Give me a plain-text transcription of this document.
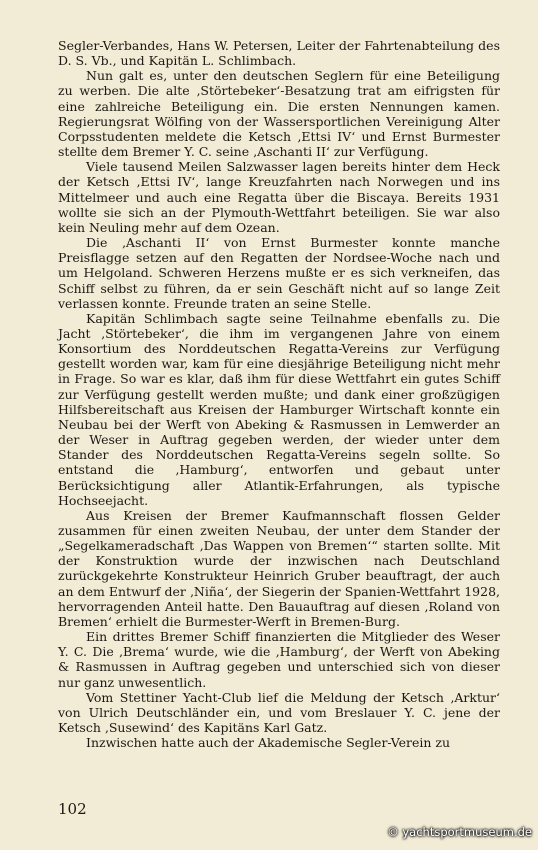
Segler-Verbandes, Hans W. Petersen, Leiter der Fahrtenabteilung des D. S. Vb., und Kapitän L. Schlimbach.

Nun galt es, unter den deutschen Seglern für eine Beteiligung zu werben. Die alte ‚Störtebeker‘-Besatzung trat am eifrigsten für eine zahlreiche Beteiligung ein. Die ersten Nennungen kamen. Regierungsrat Wölfing von der Wassersportlichen Vereinigung Alter Corpsstudenten meldete die Ketsch ‚Ettsi IV‘ und Ernst Burmester stellte dem Bremer Y. C. seine ‚Aschanti II‘ zur Verfügung.

Viele tausend Meilen Salzwasser lagen bereits hinter dem Heck der Ketsch ‚Ettsi IV‘, lange Kreuzfahrten nach Norwegen und ins Mittelmeer und auch eine Regatta über die Biscaya. Bereits 1931 wollte sie sich an der Plymouth-Wettfahrt beteiligen. Sie war also kein Neuling mehr auf dem Ozean.

Die ‚Aschanti II‘ von Ernst Burmester konnte manche Preisflagge setzen auf den Regatten der Nordsee-Woche nach und um Helgoland. Schweren Herzens mußte er es sich verkneifen, das Schiff selbst zu führen, da er sein Geschäft nicht auf so lange Zeit verlassen konnte. Freunde traten an seine Stelle.

Kapitän Schlimbach sagte seine Teilnahme ebenfalls zu. Die Jacht ‚Störtebeker‘, die ihm im vergangenen Jahre von einem Konsortium des Norddeutschen Regatta-Vereins zur Verfügung gestellt worden war, kam für eine diesjährige Beteiligung nicht mehr in Frage. So war es klar, daß ihm für diese Wettfahrt ein gutes Schiff zur Verfügung gestellt werden mußte; und dank einer großzügigen Hilfsbereitschaft aus Kreisen der Hamburger Wirtschaft konnte ein Neubau bei der Werft von Abeking & Rasmussen in Lemwerder an der Weser in Auftrag gegeben werden, der wieder unter dem Stander des Norddeutschen Regatta-Vereins segeln sollte. So entstand die ‚Hamburg‘, entworfen und gebaut unter Berücksichtigung aller Atlantik-Erfahrungen, als typische Hochseejacht.

Aus Kreisen der Bremer Kaufmannschaft flossen Gelder zusammen für einen zweiten Neubau, der unter dem Stander der „Segelkameradschaft ‚Das Wappen von Bremen‘“ starten sollte. Mit der Konstruktion wurde der inzwischen nach Deutschland zurückgekehrte Konstrukteur Heinrich Gruber beauftragt, der auch an dem Entwurf der ‚Niña‘, der Siegerin der Spanien-Wettfahrt 1928, hervorragenden Anteil hatte. Den Bauauftrag auf diesen ‚Roland von Bremen‘ erhielt die Burmester-Werft in Bremen-Burg.

Ein drittes Bremer Schiff finanzierten die Mitglieder des Weser Y. C. Die ‚Brema‘ wurde, wie die ‚Hamburg‘, der Werft von Abeking & Rasmussen in Auftrag gegeben und unterschied sich von dieser nur ganz unwesentlich.

Vom Stettiner Yacht-Club lief die Meldung der Ketsch ‚Arktur‘ von Ulrich Deutschländer ein, und vom Breslauer Y. C. jene der Ketsch ‚Susewind‘ des Kapitäns Karl Gatz.

Inzwischen hatte auch der Akademische Segler-Verein zu

102
© yachtsportmuseum.de
